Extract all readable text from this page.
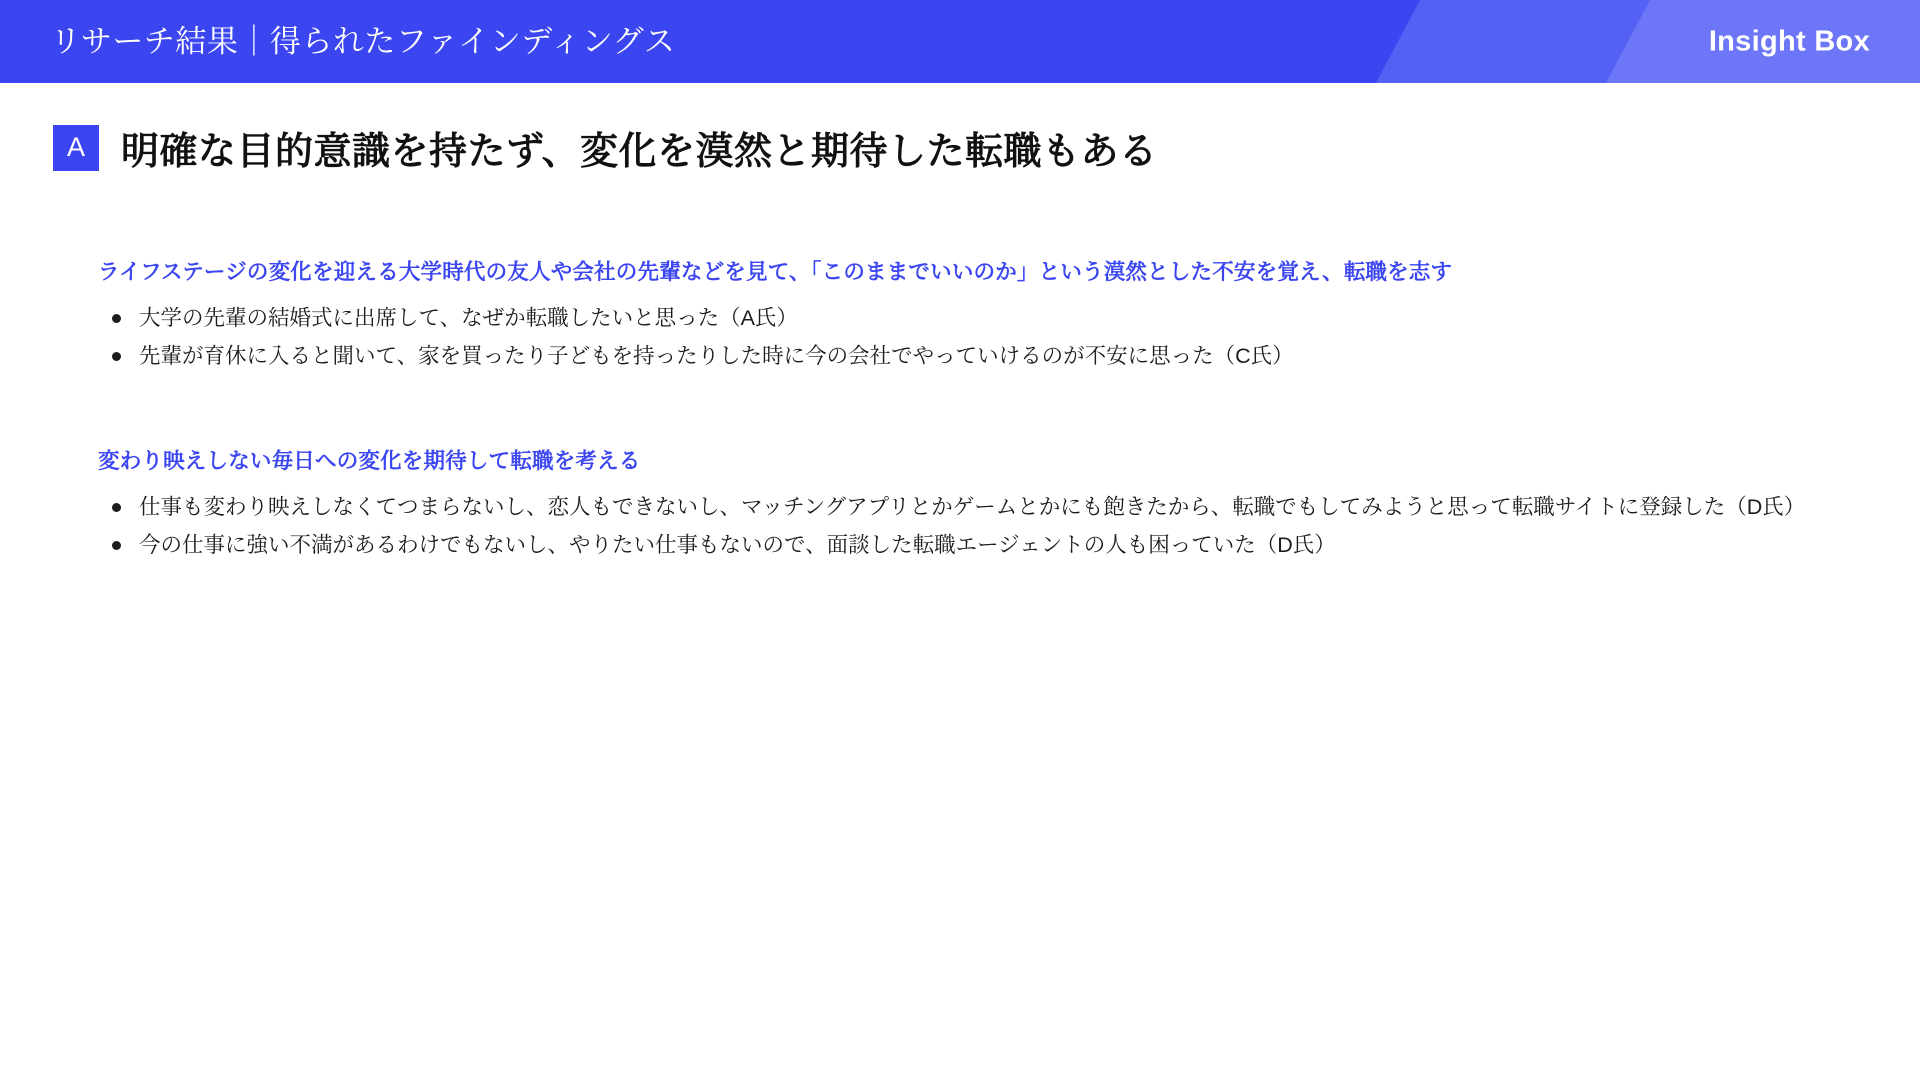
リサーチ結果｜得られたファインディングス	Insight Box
A 明確な目的意識を持たず、変化を漠然と期待した転職もある
ライフステージの変化を迎える大学時代の友人や会社の先輩などを見て、「このままでいいのか」という漠然とした不安を覚え、転職を志す
大学の先輩の結婚式に出席して、なぜか転職したいと思った（A氏）
先輩が育休に入ると聞いて、家を買ったり子どもを持ったりした時に今の会社でやっていけるのが不安に思った（C氏）
変わり映えしない毎日への変化を期待して転職を考える
仕事も変わり映えしなくてつまらないし、恋人もできないし、マッチングアプリとかゲームとかにも飽きたから、転職でもしてみようと思って転職サイトに登録した（D氏）
今の仕事に強い不満があるわけでもないし、やりたい仕事もないので、面談した転職エージェントの人も困っていた（D氏）
